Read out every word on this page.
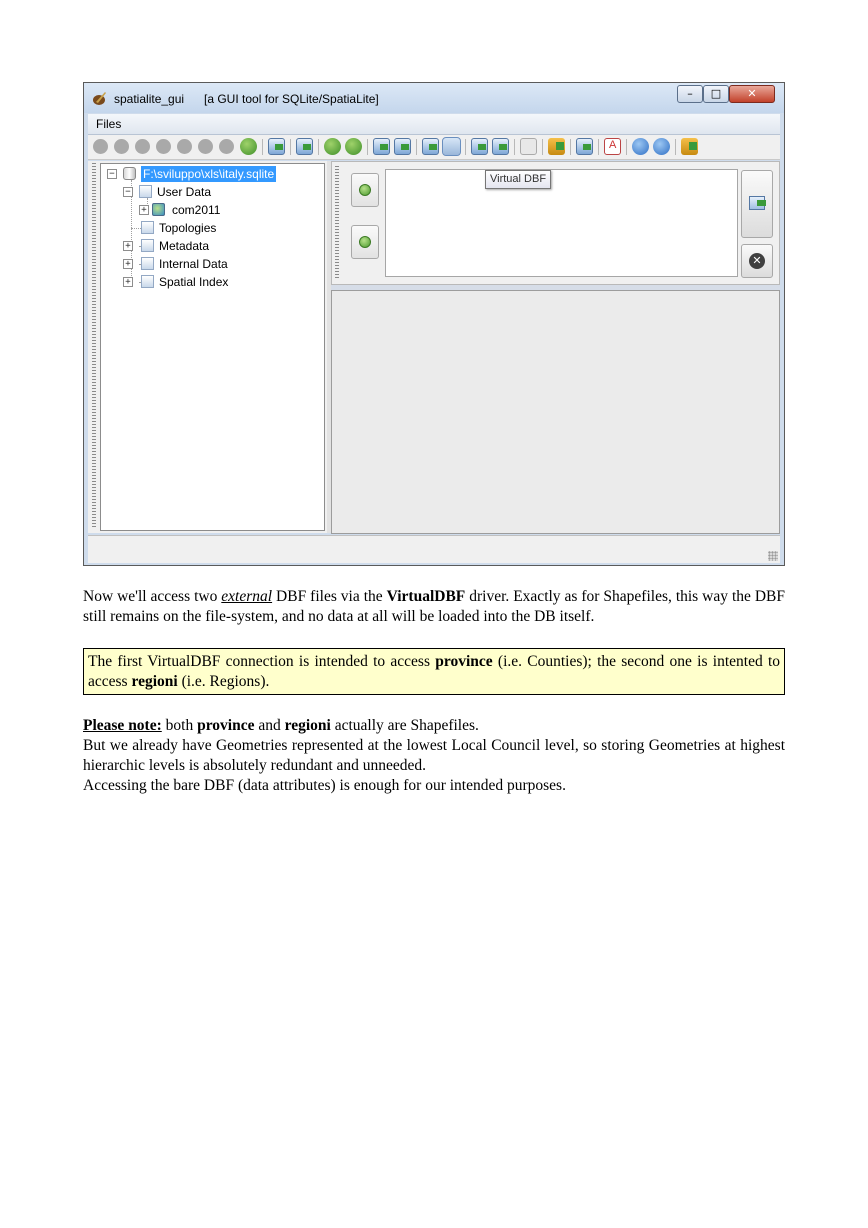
spatialite_gui [a GUI tool for SQLite/SpatiaLite]	–	□	✕
Files
A
− F:\sviluppo\xls\italy.sqlite
− User Data
+ com2011
Topologies
+ Metadata
+ Internal Data
+ Spatial Index
Virtual DBF
✕

Now we'll access two external DBF files via the VirtualDBF driver. Exactly as for Shapefiles, this way the DBF still remains on the file-system, and no data at all will be loaded into the DB itself.

The first VirtualDBF connection is intended to access province (i.e. Counties); the second one is intented to access regioni (i.e. Regions).

Please note: both province and regioni actually are Shapefiles.

But we already have Geometries represented at the lowest Local Council level, so storing Geometries at highest hierarchic levels is absolutely redundant and unneeded.

Accessing the bare DBF (data attributes) is enough for our intended purposes.
